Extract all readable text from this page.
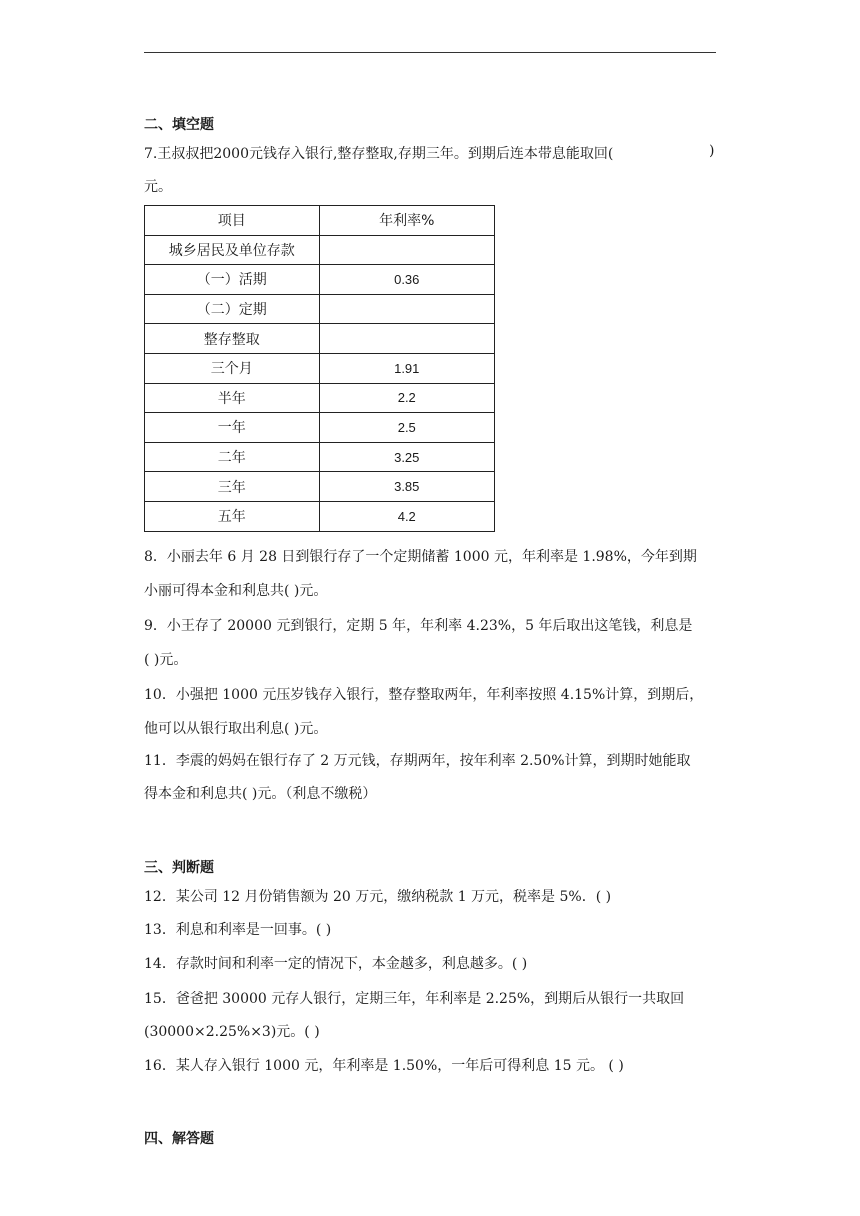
二、填空题
7.王叔叔把2000元钱存入银行,整存整取,存期三年。到期后连本带息能取回(	)
元。
项目	年利率%
城乡居民及单位存款	
（一）活期	0.36
（二）定期	
整存整取	
三个月	1.91
半年	2.2
一年	2.5
二年	3.25
三年	3.85
五年	4.2
8．小丽去年 6 月 28 日到银行存了一个定期储蓄 1000 元，年利率是 1.98%，今年到期
小丽可得本金和利息共( )元。
9．小王存了 20000 元到银行，定期 5 年，年利率 4.23%，5 年后取出这笔钱，利息是
( )元。
10．小强把 1000 元压岁钱存入银行，整存整取两年，年利率按照 4.15%计算，到期后，
他可以从银行取出利息( )元。
11．李震的妈妈在银行存了 2 万元钱，存期两年，按年利率 2.50%计算，到期时她能取
得本金和利息共( )元。（利息不缴税）
三、判断题
12．某公司 12 月份销售额为 20 万元，缴纳税款 1 万元，税率是 5%．( )
13．利息和利率是一回事。( )
14．存款时间和利率一定的情况下，本金越多，利息越多。( )
15．爸爸把 30000 元存人银行，定期三年，年利率是 2.25%，到期后从银行一共取回
(30000×2.25%×3)元。( )
16．某人存入银行 1000 元，年利率是 1.50%，一年后可得利息 15 元。 ( )
四、解答题
